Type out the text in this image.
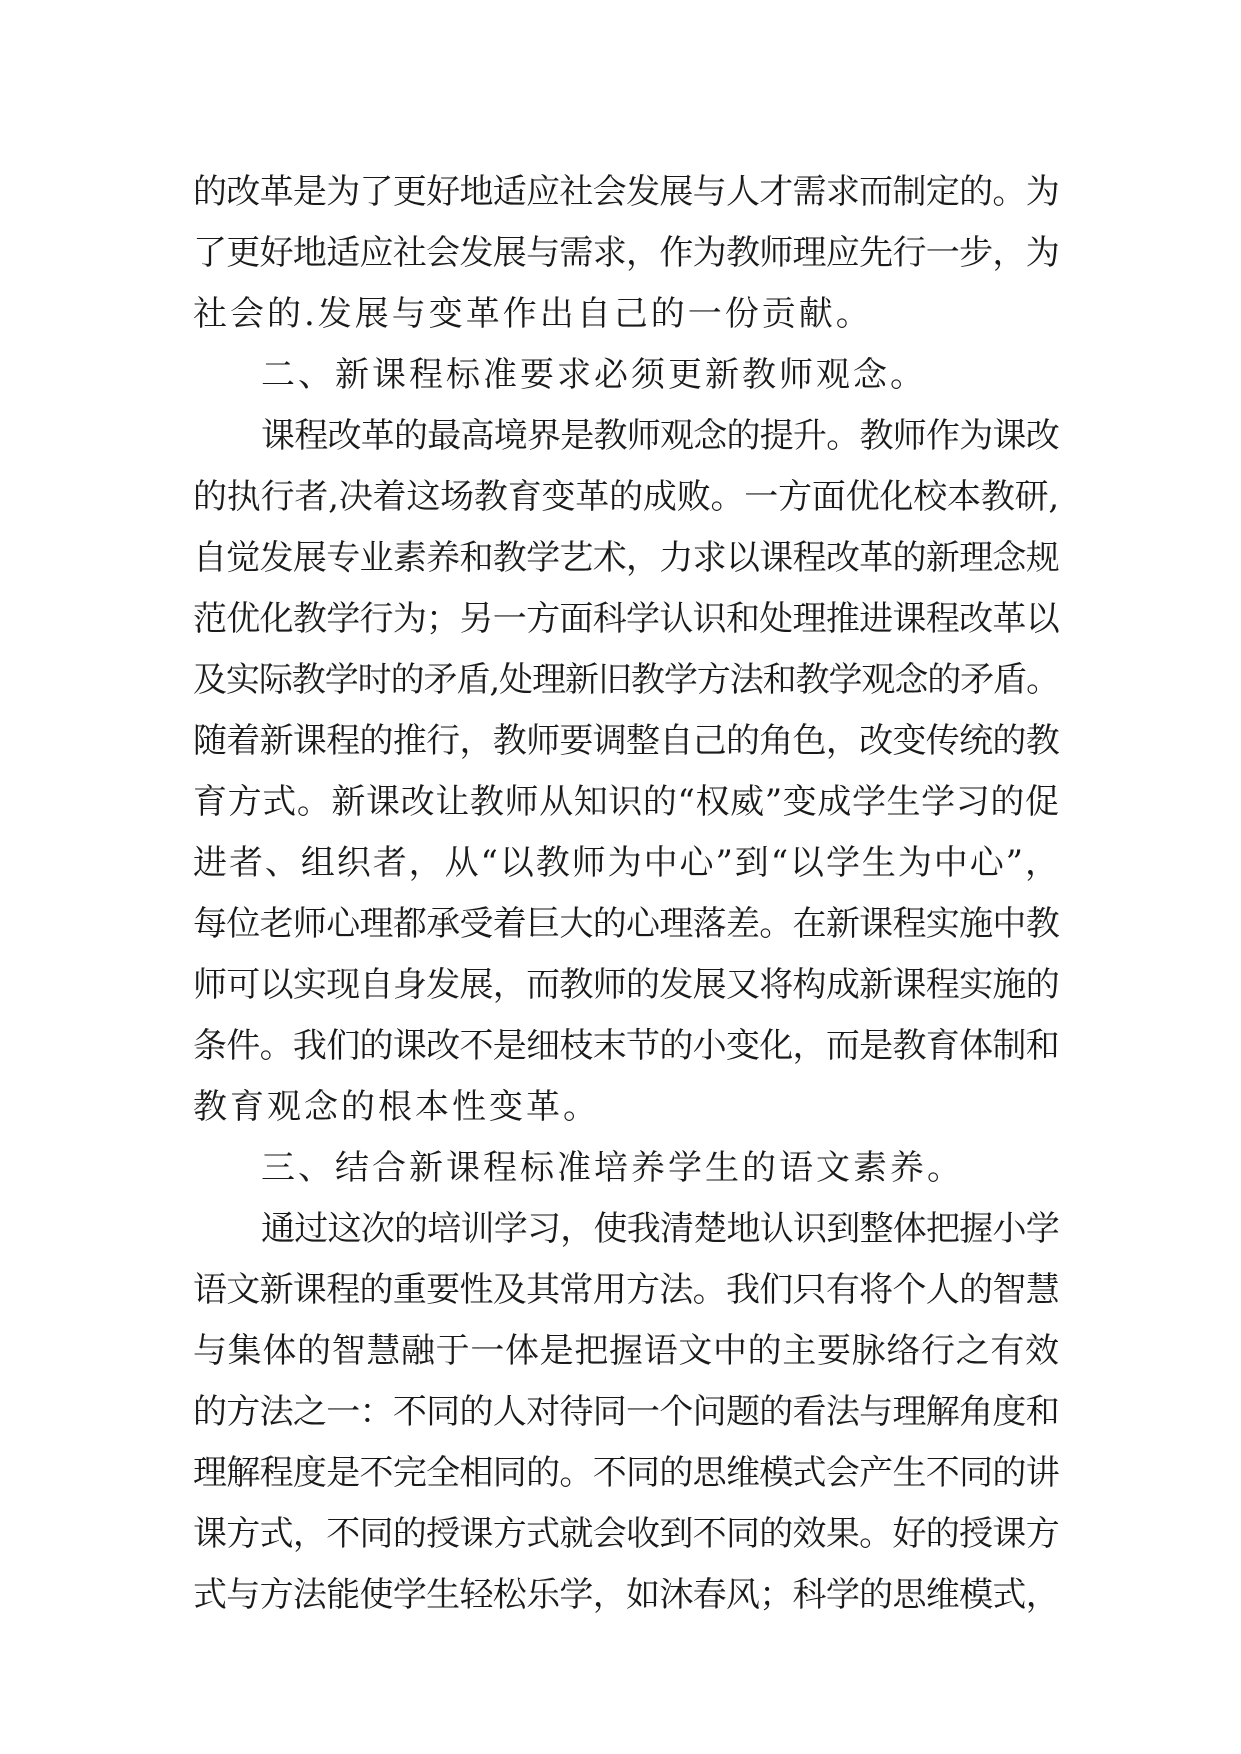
的改革是为了更好地适应社会发展与人才需求而制定的。为
了更好地适应社会发展与需求，作为教师理应先行一步，为
社会的.发展与变革作出自己的一份贡献。
二、新课程标准要求必须更新教师观念。
课程改革的最高境界是教师观念的提升。教师作为课改
的执行者,决着这场教育变革的成败。一方面优化校本教研,
自觉发展专业素养和教学艺术，力求以课程改革的新理念规
范优化教学行为；另一方面科学认识和处理推进课程改革以
及实际教学时的矛盾,处理新旧教学方法和教学观念的矛盾。
随着新课程的推行，教师要调整自己的角色，改变传统的教
育方式。新课改让教师从知识的“权威”变成学生学习的促
进者、组织者，从“以教师为中心”到“以学生为中心”，
每位老师心理都承受着巨大的心理落差。在新课程实施中教
师可以实现自身发展，而教师的发展又将构成新课程实施的
条件。我们的课改不是细枝末节的小变化，而是教育体制和
教育观念的根本性变革。
三、结合新课程标准培养学生的语文素养。
通过这次的培训学习，使我清楚地认识到整体把握小学
语文新课程的重要性及其常用方法。我们只有将个人的智慧
与集体的智慧融于一体是把握语文中的主要脉络行之有效
的方法之一：不同的人对待同一个问题的看法与理解角度和
理解程度是不完全相同的。不同的思维模式会产生不同的讲
课方式，不同的授课方式就会收到不同的效果。好的授课方
式与方法能使学生轻松乐学，如沐春风；科学的思维模式，
